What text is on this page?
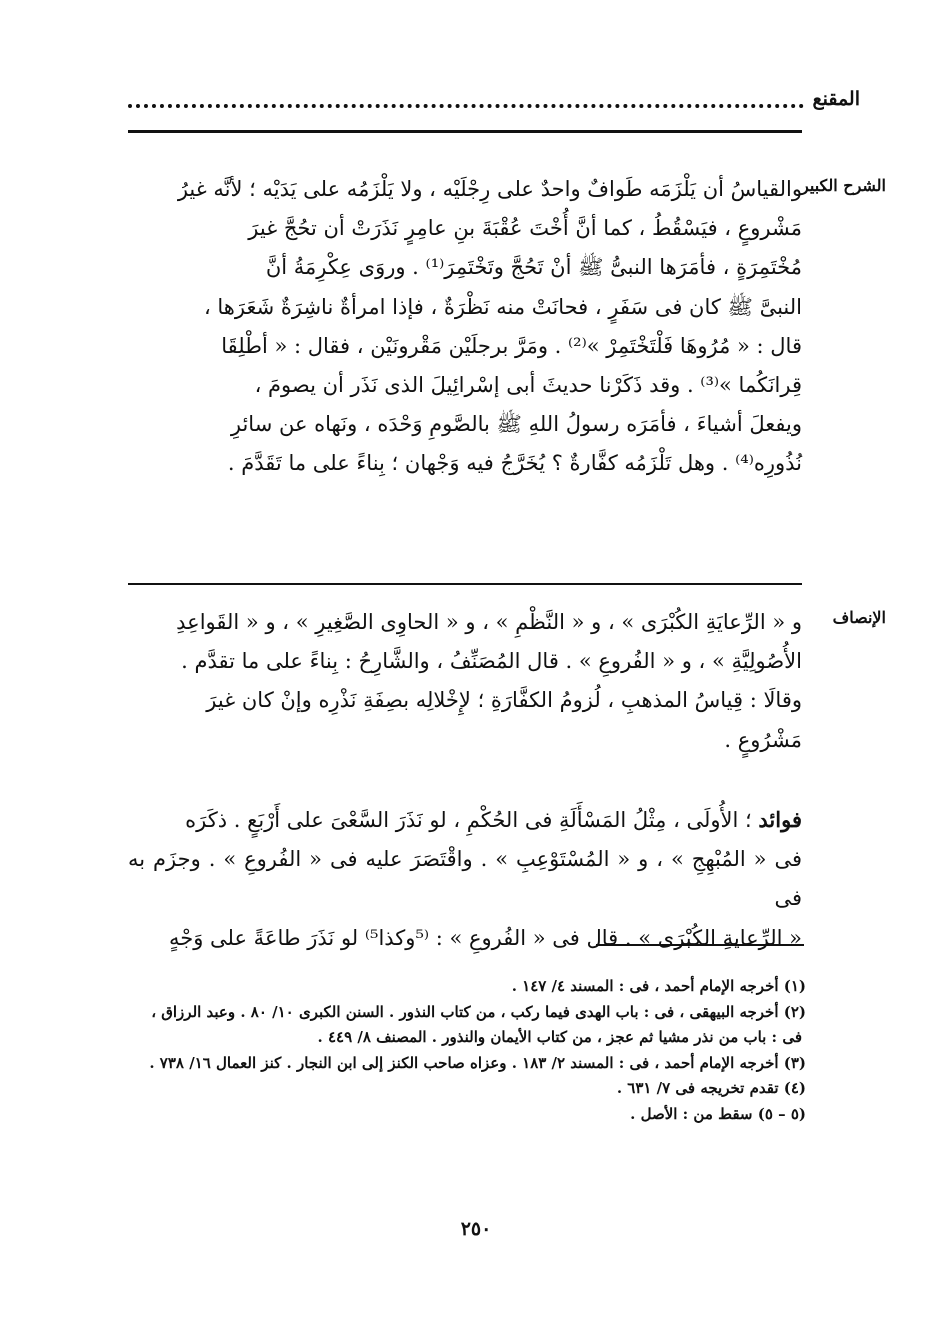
المقنع
الشرح الكبير

والقياسُ أن يَلْزَمَه طَوافٌ واحدٌ على رِجْلَيْه ، ولا يَلْزَمُه على يَدَيْه ؛ لأنَّه غيرُ

مَشْروعٍ ، فيَسْقُطُ ، كما أنَّ أُخْتَ عُقْبَةَ بنِ عامِرٍ نَذَرَتْ أن تحُجَّ غيرَ

مُخْتَمِرَةٍ ، فأمَرَها النبىُّ ﷺ أنْ تَحُجَّ وتَخْتَمِرَ⁽¹⁾ . وروَى عِكْرِمَةُ أنَّ

النبىَّ ﷺ كان فى سَفَرٍ ، فحانَتْ منه نَظْرَةٌ ، فإذا امرأةٌ ناشِرَةٌ شَعَرَها ،

قال : « مُرُوهَا فَلْتَخْتَمِرْ »⁽²⁾ . ومَرَّ برجلَيْن مَقْرونَيْن ، فقال : « أطْلِقَا

قِرانَكُما »⁽³⁾ . وقد ذَكَرْنا حديثَ أبى إسْرائِيلَ الذى نَذَر أن يصومَ ،

ويفعلَ أشياءَ ، فأمَرَه رسولُ اللهِ ﷺ بالصَّومِ وَحْدَه ، ونَهاه عن سائرِ

نُذُورِه⁽⁴⁾ . وهل تَلْزَمُه كفَّارةٌ ؟ يُخَرَّجُ فيه وَجْهان ؛ بِناءً على ما تَقَدَّمَ .

الإنصاف

و « الرِّعايَةِ الكُبْرَى » ، و « النَّظْمِ » ، و « الحاوِى الصَّغِيرِ » ، و « القَواعِدِ

الأُصُولِيَّةِ » ، و « الفُروعِ » . قال المُصَنِّفُ ، والشَّارِحُ : بِناءً على ما تقدَّم .

وقالَا : قِياسُ المذهبِ ، لُزومُ الكفَّارَةِ ؛ لإِخْلالِه بصِفَةِ نَذْرِه وإنْ كان غيرَ

مَشْرُوعٍ .

فوائد ؛ الأُولَى ، مِثْلُ المَسْأَلَةِ فى الحُكْمِ ، لو نَذَرَ السَّعْىَ على أَرْبَعٍ . ذكَرَه

فى « المُبْهِجِ » ، و « المُسْتَوْعِبِ » . واقْتَصَرَ عليه فى « الفُروعِ » . وجزَم به فى

« الرِّعايةِ الكُبْرَى » . قال فى « الفُروعِ » : ⁽⁵وكذا⁵⁾ لو نَذَرَ طاعَةً على وَجْهٍ

(١) أخرجه الإمام أحمد ، فى : المسند ٤/ ١٤٧ .
(٢) أخرجه البيهقى ، فى : باب الهدى فيما ركب ، من كتاب النذور . السنن الكبرى ١٠/ ٨٠ . وعبد الرزاق ،
فى : باب من نذر مشيا ثم عجز ، من كتاب الأيمان والنذور . المصنف ٨/ ٤٤٩ .
(٣) أخرجه الإمام أحمد ، فى : المسند ٢/ ١٨٣ . وعزاه صاحب الكنز إلى ابن النجار . كنز العمال ١٦/ ٧٣٨ .
(٤) تقدم تخريجه فى ٧/ ٦٣١ .
(٥ – ٥) سقط من : الأصل .
٢٥٠
